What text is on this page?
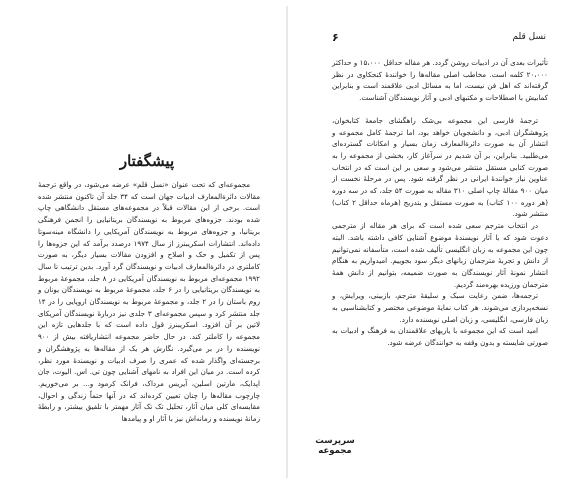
پیشگفتار

مجموعه‌ای که تحت عنوان «نسل قلم» عرضه می‌شود، در واقع ترجمهٔ مقالات دائرةالمعارف ادبیات جهان است که ۳۴ جلد آن تاکنون منتشر شده است. برخی از این مقالات قبلاً در مجموعه‌های مستقل دانشگاهی چاپ شده بودند. جزوه‌های مربوط به نویسندگان بریتانیایی را انجمن فرهنگی بریتانیا، و جزوه‌های مربوط به نویسندگان آمریکایی را دانشگاه مینه‌سوتا داده‌اند. انتشارات اسکریبنرز از سال ۱۹۷۴ درصدد برآمد که این جزوه‌ها را پس از تکمیل و حک و اصلاح و افزودن مقالات بسیار دیگر، به صورت کاملتری در دائرةالمعارف ادبیات و نویسندگان گرد آورد. بدین ترتیب تا سال ۱۹۹۲ مجموعه‌ای مربوط به نویسندگان آمریکایی در ۸ جلد، مجموعهٔ مربوط به نویسندگان بریتانیایی را در ۶ جلد، مجموعهٔ مربوط به نویسندگان یونان و روم باستان را در ۲ جلد، و مجموعهٔ مربوط به نویسندگان اروپایی را در ۱۴ جلد منتشر کرد و سپس مجموعه‌ای ۳ جلدی نیز دربارهٔ نویسندگان آمریکای لاتین بر آن افزود. اسکریبنرز قول داده است که با جلدهایی تازه این مجموعه را کاملتر کند. در حال حاضر مجموعه انتشاریافته بیش از ۹۰۰ نویسنده را در بر می‌گیرد. نگارش هر یک از مقاله‌ها به پژوهشگران و برجسته‌ای واگذار شده که عمری را صرف ادبیات و نویسندهٔ مورد نظر، کرده است. در میان این افراد به نامهای آشنایی چون تی. اس. الیوت، جان اپدایک، مارتین اسلین، آیریس مرداک، فرانک کرمود و... بر می‌خوریم. چارچوب مقاله‌ها را چنان تعیین کرده‌اند که در آنها حتماً زندگی و احوال، مقایسه‌ای کلی میان آثار، تحلیل تک تک آثار مهمتر با تلفیق بیشتر، و رابطهٔ زمانهٔ نویسنده و زمانه‌اش نیز با آثار او و پیامدها

نسل قلم
۶

تأثیرات بعدی آن در ادبیات روشن گردد. هر مقاله حداقل ۱۵،۰۰۰ و حداکثر ۲۰،۰۰۰ کلمه است. مخاطب اصلی مقاله‌ها را خوانندهٔ کنجکاوی در نظر گرفته‌اند که اهل فن نیست، اما به مسائل ادبی علاقمند است و بنابراین کمابیش با اصطلاحات و مکتبهای ادبی و آثار نویسندگان آشناست.

ترجمهٔ فارسی این مجموعه بی‌شک راهگشای جامعهٔ کتابخوان، پژوهشگران ادبی، و دانشجویان خواهد بود، اما ترجمهٔ کامل مجموعه و انتشار آن به صورت دائرةالمعارف زمان بسیار و امکانات گسترده‌ای می‌طلبید. بنابراین، بر آن شدیم در سرآغاز کار، بخشی از مجموعه را به صورت کتابی مستقل منتشر می‌شود و سعی بر این است که در انتخاب عناوین نیاز خوانندهٔ ایرانی در نظر گرفته شود. پس در مرحلهٔ نخست از میان ۹۰۰ مقالهٔ چاپ اصلی ۳۱۰ مقاله به صورت ۵۴ جلد، که در سه دوره (هر دوره ۱۰۰ کتاب) به صورت مستقل و بتدریج (هرماه حداقل ۲ کتاب) منتشر شود.

در انتخاب مترجم سعی شده است که برای هر مقاله از مترجمی دعوت شود که با آثار نویسندهٔ موضوع آشنایی کافی داشته باشد. البته چون این مجموعه به زبان انگلیسی تألیف شده است، متأسفانه نمی‌توانیم از دانش و تجربهٔ مترجمان زبانهای دیگر سود بجوییم. امیدواریم به هنگام انتشار نمونهٔ آثار نویسندگان به صورت ضمیمه، بتوانیم از دانش همهٔ مترجمان ورزیده بهره‌مند گردیم.

ترجمه‌ها، ضمن رعایت سبک و سلیقهٔ مترجم، بازبینی، ویرایش، و نسخه‌پردازی می‌شوند. هر کتاب نمایهٔ موضوعی مختصر و کتابشناسیی به زبان فارسی، انگلیسی، و زبان اصلی نویسنده دارد.

امید است که این مجموعه با یاریهای علاقمندان به فرهنگ و ادبیات به صورتی شایسته و بدون وقفه به خوانندگان عرضه شود.

سرپرست مجموعه
